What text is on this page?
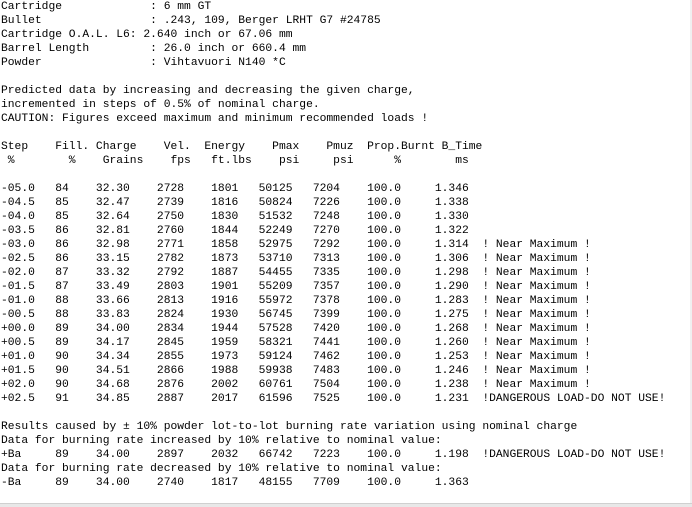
Cartridge             : 6 mm GT
Bullet                : .243, 109, Berger LRHT G7 #24785
Cartridge O.A.L. L6: 2.640 inch or 67.06 mm
Barrel Length         : 26.0 inch or 660.4 mm
Powder                : Vihtavuori N140 *C
Predicted data by increasing and decreasing the given charge,
incremented in steps of 0.5% of nominal charge.
CAUTION: Figures exceed maximum and minimum recommended loads !
Step    Fill. Charge    Vel.  Energy    Pmax    Pmuz  Prop.Burnt B_Time
%        %    Grains    fps   ft.lbs    psi     psi      %        ms
-05.0   84    32.30    2728    1801   50125   7204    100.0     1.346
-04.5   85    32.47    2739    1816   50824   7226    100.0     1.338
-04.0   85    32.64    2750    1830   51532   7248    100.0     1.330
-03.5   86    32.81    2760    1844   52249   7270    100.0     1.322
-03.0   86    32.98    2771    1858   52975   7292    100.0     1.314  ! Near Maximum !
-02.5   86    33.15    2782    1873   53710   7313    100.0     1.306  ! Near Maximum !
-02.0   87    33.32    2792    1887   54455   7335    100.0     1.298  ! Near Maximum !
-01.5   87    33.49    2803    1901   55209   7357    100.0     1.290  ! Near Maximum !
-01.0   88    33.66    2813    1916   55972   7378    100.0     1.283  ! Near Maximum !
-00.5   88    33.83    2824    1930   56745   7399    100.0     1.275  ! Near Maximum !
+00.0   89    34.00    2834    1944   57528   7420    100.0     1.268  ! Near Maximum !
+00.5   89    34.17    2845    1959   58321   7441    100.0     1.260  ! Near Maximum !
+01.0   90    34.34    2855    1973   59124   7462    100.0     1.253  ! Near Maximum !
+01.5   90    34.51    2866    1988   59938   7483    100.0     1.246  ! Near Maximum !
+02.0   90    34.68    2876    2002   60761   7504    100.0     1.238  ! Near Maximum !
+02.5   91    34.85    2887    2017   61596   7525    100.0     1.231  !DANGEROUS LOAD-DO NOT USE!
Results caused by ± 10% powder lot-to-lot burning rate variation using nominal charge
Data for burning rate increased by 10% relative to nominal value:
+Ba     89    34.00    2897    2032   66742   7223    100.0     1.198  !DANGEROUS LOAD-DO NOT USE!
Data for burning rate decreased by 10% relative to nominal value:
-Ba     89    34.00    2740    1817   48155   7709    100.0     1.363
